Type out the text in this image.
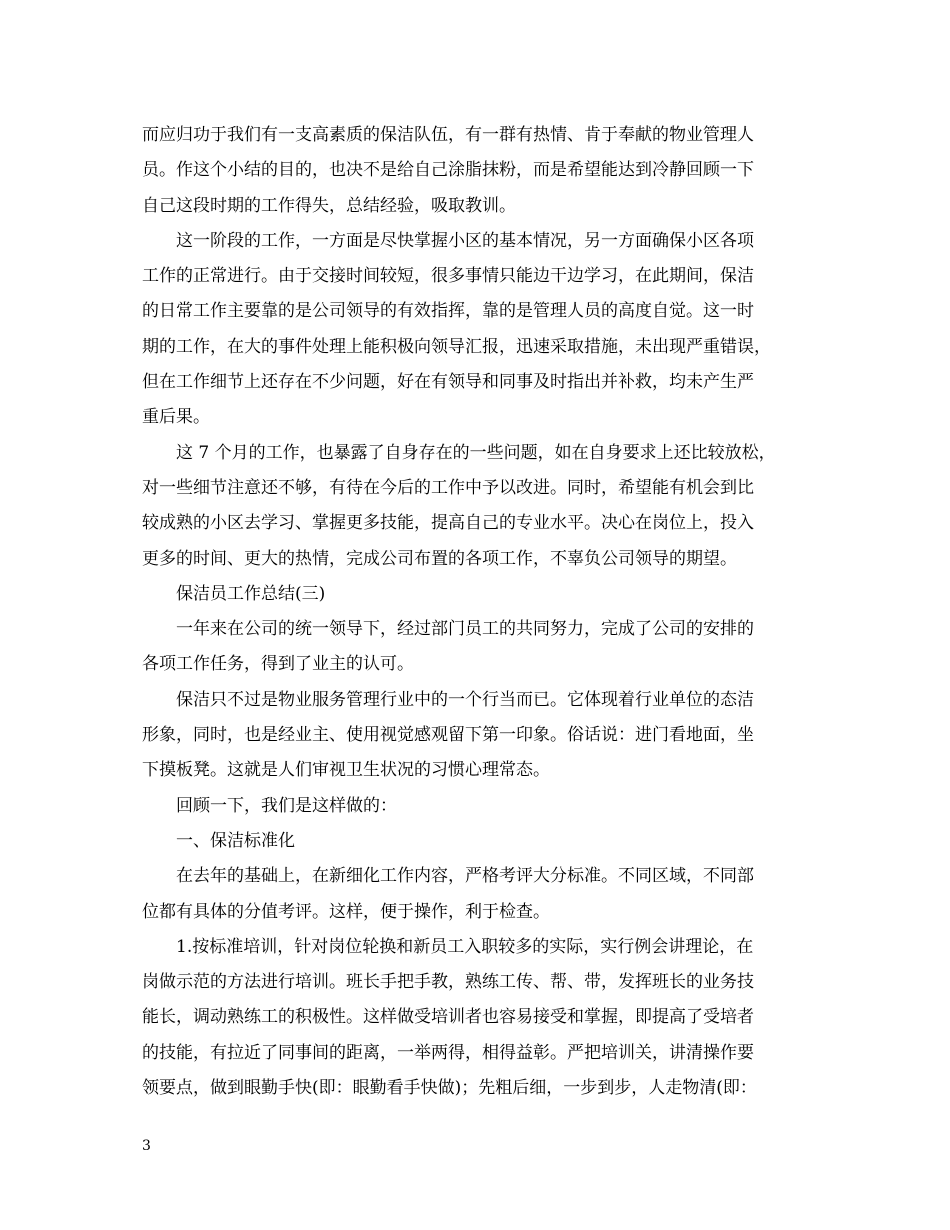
而应归功于我们有一支高素质的保洁队伍，有一群有热情、肯于奉献的物业管理人
员。作这个小结的目的，也决不是给自己涂脂抹粉，而是希望能达到冷静回顾一下
自己这段时期的工作得失，总结经验，吸取教训。
这一阶段的工作，一方面是尽快掌握小区的基本情况，另一方面确保小区各项
工作的正常进行。由于交接时间较短，很多事情只能边干边学习，在此期间，保洁
的日常工作主要靠的是公司领导的有效指挥，靠的是管理人员的高度自觉。这一时
期的工作，在大的事件处理上能积极向领导汇报，迅速采取措施，未出现严重错误，
但在工作细节上还存在不少问题，好在有领导和同事及时指出并补救，均未产生严
重后果。
这 7 个月的工作，也暴露了自身存在的一些问题，如在自身要求上还比较放松，
对一些细节注意还不够，有待在今后的工作中予以改进。同时，希望能有机会到比
较成熟的小区去学习、掌握更多技能，提高自己的专业水平。决心在岗位上，投入
更多的时间、更大的热情，完成公司布置的各项工作，不辜负公司领导的期望。
保洁员工作总结(三)
一年来在公司的统一领导下，经过部门员工的共同努力，完成了公司的安排的
各项工作任务，得到了业主的认可。
保洁只不过是物业服务管理行业中的一个行当而已。它体现着行业单位的态洁
形象，同时，也是经业主、使用视觉感观留下第一印象。俗话说：进门看地面，坐
下摸板凳。这就是人们审视卫生状况的习惯心理常态。
回顾一下，我们是这样做的：
一、保洁标准化
在去年的基础上，在新细化工作内容，严格考评大分标准。不同区域，不同部
位都有具体的分值考评。这样，便于操作，利于检查。
1.按标准培训，针对岗位轮换和新员工入职较多的实际，实行例会讲理论，在
岗做示范的方法进行培训。班长手把手教，熟练工传、帮、带，发挥班长的业务技
能长，调动熟练工的积极性。这样做受培训者也容易接受和掌握，即提高了受培者
的技能，有拉近了同事间的距离，一举两得，相得益彰。严把培训关，讲清操作要
领要点，做到眼勤手快(即：眼勤看手快做)；先粗后细，一步到步，人走物清(即：
3
